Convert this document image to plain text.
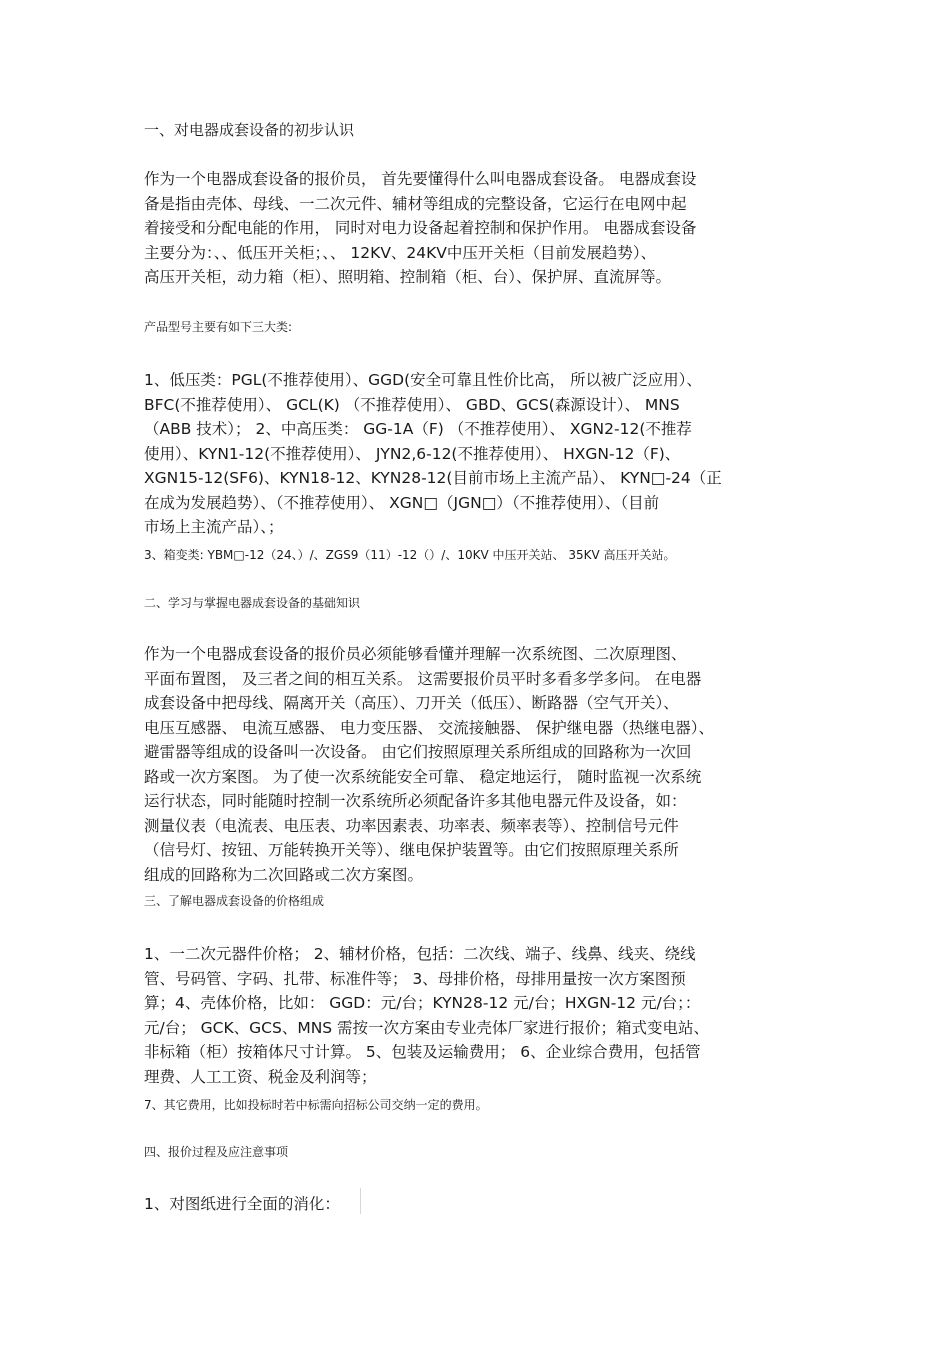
一、对电器成套设备的初步认识

作为一个电器成套设备的报价员， 首先要懂得什么叫电器成套设备。 电器成套设
备是指由壳体、母线、一二次元件、辅材等组成的完整设备，它运行在电网中起
着接受和分配电能的作用， 同时对电力设备起着控制和保护作用。 电器成套设备
主要分为：、、低压开关柜；、、 12KV、24KV中压开关柜（目前发展趋势）、
高压开关柜，动力箱（柜）、照明箱、控制箱（柜、台）、保护屏、直流屏等。

产品型号主要有如下三大类:

1、低压类：PGL(不推荐使用）、GGD(安全可靠且性价比高， 所以被广泛应用）、
BFC(不推荐使用）、 GCL(K) （不推荐使用）、 GBD、GCS(森源设计）、 MNS
（ABB 技术）； 2、中高压类： GG-1A（F) （不推荐使用）、 XGN2-12(不推荐
使用）、KYN1-12(不推荐使用）、 JYN2,6-12(不推荐使用）、 HXGN-12（F)、
XGN15-12(SF6)、KYN18-12、KYN28-12(目前市场上主流产品）、 KYN□-24（正
在成为发展趋势）、（不推荐使用）、 XGN□（JGN□）（不推荐使用）、（目前
市场上主流产品）、；

3、箱变类: YBM□-12（24、）/、ZGS9（11）-12（）/、10KV 中压开关站、 35KV 高压开关站。

二、学习与掌握电器成套设备的基础知识

作为一个电器成套设备的报价员必须能够看懂并理解一次系统图、二次原理图、
平面布置图， 及三者之间的相互关系。 这需要报价员平时多看多学多问。 在电器
成套设备中把母线、隔离开关（高压）、刀开关（低压）、断路器（空气开关）、
电压互感器、 电流互感器、 电力变压器、 交流接触器、 保护继电器（热继电器）、
避雷器等组成的设备叫一次设备。 由它们按照原理关系所组成的回路称为一次回
路或一次方案图。 为了使一次系统能安全可靠、 稳定地运行， 随时监视一次系统
运行状态，同时能随时控制一次系统所必须配备许多其他电器元件及设备，如：
测量仪表（电流表、电压表、功率因素表、功率表、频率表等）、控制信号元件
（信号灯、按钮、万能转换开关等）、继电保护装置等。由它们按照原理关系所
组成的回路称为二次回路或二次方案图。

三、了解电器成套设备的价格组成

1、一二次元器件价格； 2、辅材价格，包括：二次线、端子、线鼻、线夹、绕线
管、号码管、字码、扎带、标准件等； 3、母排价格，母排用量按一次方案图预
算；4、壳体价格，比如： GGD：元/台；KYN28-12 元/台；HXGN-12 元/台；：
元/台； GCK、GCS、MNS 需按一次方案由专业壳体厂家进行报价；箱式变电站、
非标箱（柜）按箱体尺寸计算。 5、包装及运输费用； 6、企业综合费用，包括管
理费、人工工资、税金及利润等；

7、其它费用，比如投标时若中标需向招标公司交纳一定的费用。

四、报价过程及应注意事项

1、对图纸进行全面的消化：
